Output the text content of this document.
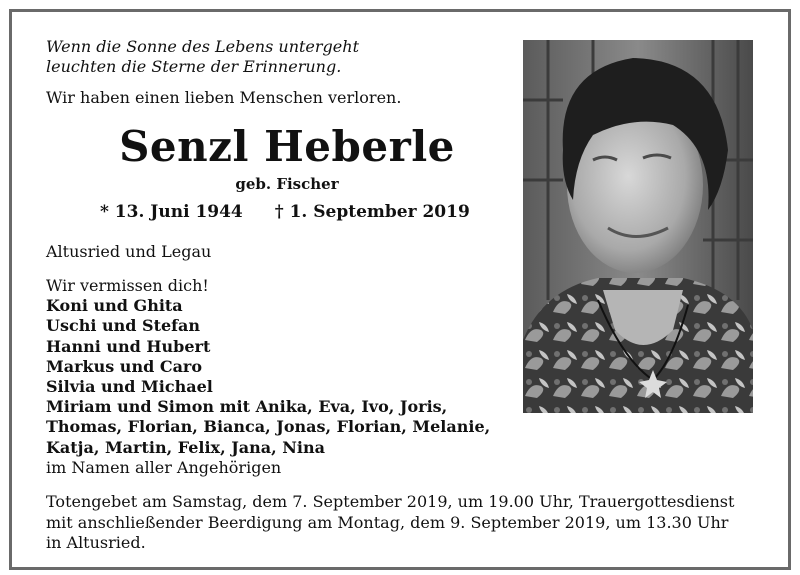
Wenn die Sonne des Lebens untergeht
leuchten die Sterne der Erinnerung.

Wir haben einen lieben Menschen verloren.

Senzl Heberle

geb. Fischer

* 13. Juni 1944 † 1. September 2019

Altusried und Legau

Wir vermissen dich!
Koni und Ghita
Uschi und Stefan
Hanni und Hubert
Markus und Caro
Silvia und Michael
Miriam und Simon mit Anika, Eva, Ivo, Joris,
Thomas, Florian, Bianca, Jonas, Florian, Melanie,
Katja, Martin, Felix, Jana, Nina
im Namen aller Angehörigen

Totengebet am Samstag, dem 7. September 2019, um 19.00 Uhr, Trauergottesdienst
mit anschließender Beerdigung am Montag, dem 9. September 2019, um 13.30 Uhr
in Altusried.
